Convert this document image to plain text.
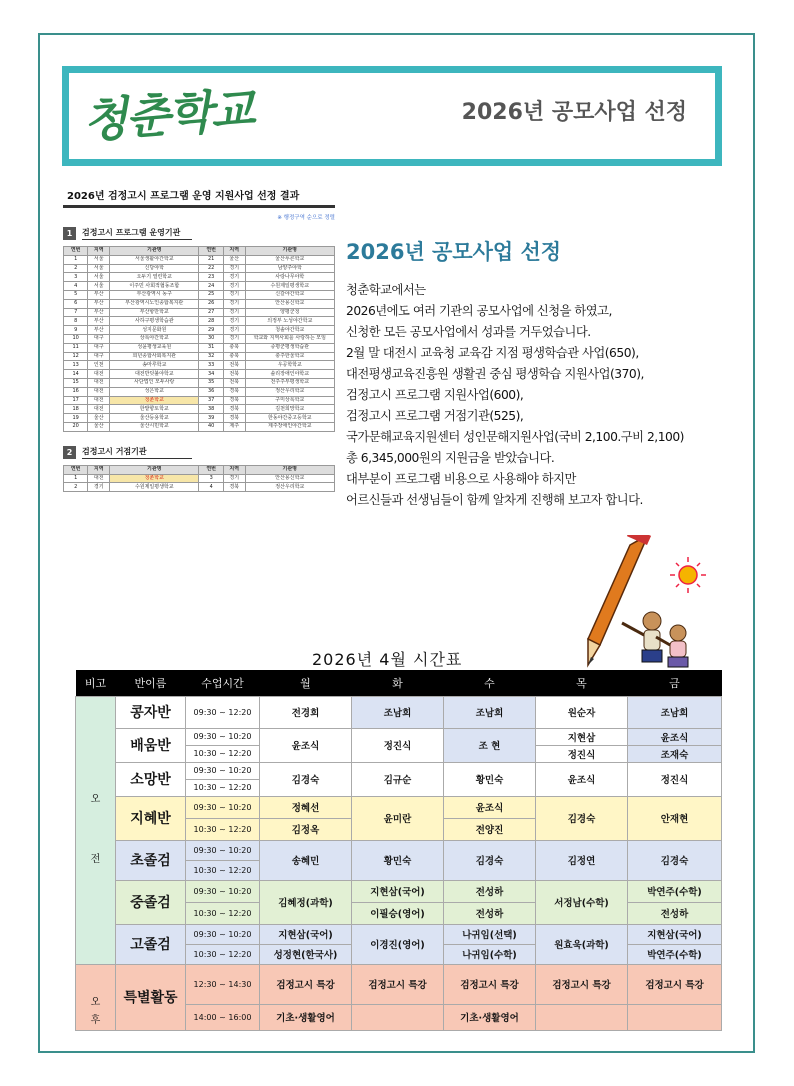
청춘학교	2026년 공모사업 선정
2026년 검정고시 프로그램 운영 지원사업 선정 결과
※ 행정구역 순으로 정렬
1	검정고시 프로그램 운영기관
연번	지역	기관명	연번	지역	기관명
1	서울	서울생활야간학교	21	울산	울산푸른학교
2	서울	신당야학	22	경기	남양주야학
3	서울	오두기 열린학교	23	경기	사랑나무야학
4	서울	이주민 사회적협동조합	24	경기	수원제일평생학교
5	부산	부산광역시 동구	25	경기	신갈야간학교
6	부산	부산광역시노인종합복지관	26	경기	안산용신학교
7	부산	부산항만학교	27	경기	양평군청
8	부산	사하구평생학습관	28	경기	의정부 노성야간학교
9	부산	성지문화원	29	경기	청솔야간학교
10	대구	상록야간학교	30	경기	학교와 지역사회를 사랑하는 모임
11	대구	성윤평생교육원	31	충북	증평군평생학습관
12	대구	희년종합사회복지관	32	충북	충주한울학교
13	인천	송마루학교	33	전북	우공학학교
14	대전	대전반딧불야학교	34	전북	솔리장애인야학교
15	대전	사단법인 모두사랑	35	전북	전주주부평생학교
16	대전	성은학교	36	경북	정산우리학교
17	대전	청춘학교	37	경북	구미상록학교
18	대전	한밭향토학교	38	경북	김천희망학교
19	울산	울산등용학교	39	경북	한동야간중고등학교
20	울산	울산시민학교	40	제주	제주장애인야간학교
2	검정고시 거점기관
연번	지역	기관명	연번	지역	기관명
1	대전	청춘학교	3	경기	안산용신학교
2	경기	수원제일평생학교	4	경북	정산우리학교
2026년 공모사업 선정
청춘학교에서는
2026년에도 여러 기관의 공모사업에 신청을 하였고,
신청한 모든 공모사업에서 성과를 거두었습니다.
2월 말 대전시 교육청 교육감 지점 평생학습관 사업(650),
대전평생교육진흥원 생활권 중심 평생학습 지원사업(370),
검정고시 프로그램 지원사업(600),
검정고시 프로그램 거점기관(525),
국가문해교육지원센터 성인문해지원사업(국비 2,100.구비 2,100)
총 6,345,000원의 지원금을 받았습니다.
대부분이 프로그램 비용으로 사용해야 하지만
어르신들과 선생님들이 함께 알차게 진행해 보고자 합니다.
2026년 4월 시간표
비고	반이름	수업시간	월	화	수	목	금
오

전	콩자반	09:30 ~ 12:20	전경희	조남희	조남희	원순자	조남희
	배움반	09:30 ~ 10:20	윤조식	정진식	조 현	지현삼	윤조식
		10:30 ~ 12:20				정진식	조재숙
	소망반	09:30 ~ 10:20	김경숙	김규순	황민숙	윤조식	정진식
		10:30 ~ 12:20					
	지혜반	09:30 ~ 10:20	정혜선	윤미란	윤조식	김경숙	안재현
		10:30 ~ 12:20	김정옥		전양진		
	초졸검	09:30 ~ 10:20	송혜민	황민숙	김경숙	김정연	김경숙
		10:30 ~ 12:20					
	중졸검	09:30 ~ 10:20	김혜정(과학)	지현삼(국어)	전성하	서정남(수학)	박연주(수학)
		10:30 ~ 12:20		이필승(영어)	전성하		전성하
	고졸검	09:30 ~ 10:20	지현삼(국어)	이경진(영어)	나귀임(선택)	원효욱(과학)	지현삼(국어)
		10:30 ~ 12:20	성정현(한국사)		나귀임(수학)		박연주(수학)
오
후	특별활동	12:30 ~ 14:30	검정고시 특강	검정고시 특강	검정고시 특강	검정고시 특강	검정고시 특강
		14:00 ~ 16:00	기초·생활영어		기초·생활영어		
